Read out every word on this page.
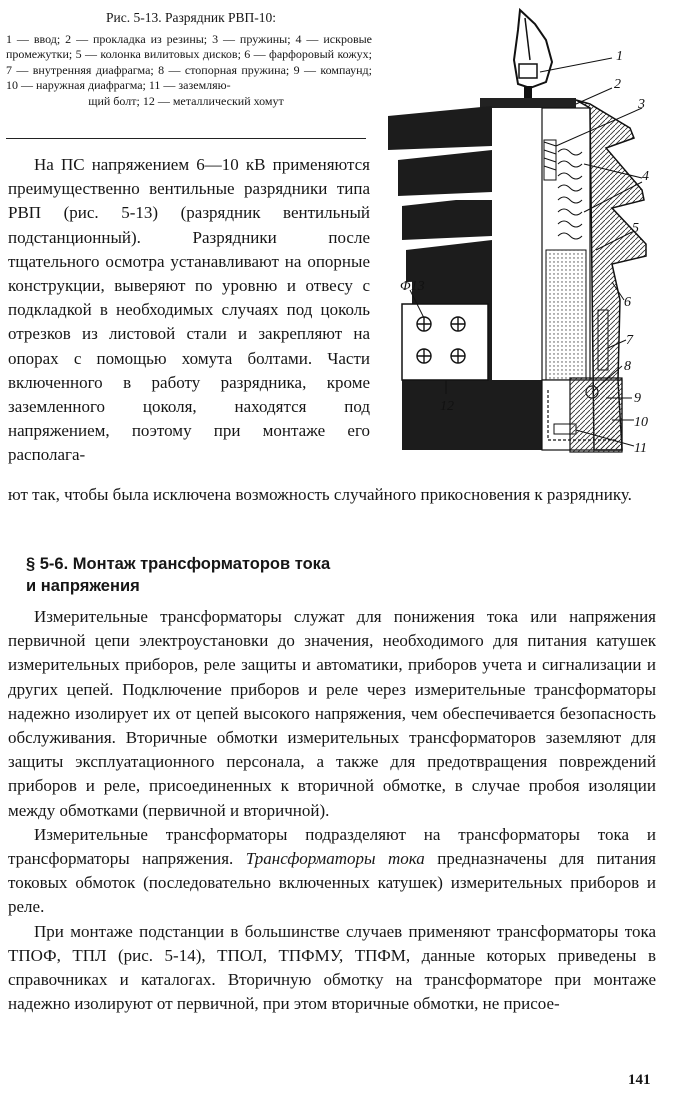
Рис. 5-13. Разрядник РВП-10:
1 — ввод; 2 — прокладка из резины; 3 — пружины; 4 — искровые промежутки; 5 — колонка вилитовых дисков; 6 — фарфоровый кожух; 7 — внутренняя диафрагма; 8 — стопорная пружина; 9 — компаунд; 10 — наружная диафрагма; 11 — заземляю-
щий болт; 12 — металлический хомут
На ПС напряжением 6—10 кВ применяются преимущественно вентильные разрядники типа РВП (рис. 5-13) (разрядник вентильный подстанционный). Разрядники после тщательного осмотра устанавливают на опорные конструкции, выверяют по уровню и отвесу с подкладкой в необходимых случаях под цоколь отрезков из листовой стали и закрепляют на опорах с помощью хомута болтами. Части включенного в работу разрядника, кроме заземленного цоколя, находятся под напряжением, поэтому при монтаже его располага-
ют так, чтобы была исключена возможность случайного прикосновения к разряднику.
§ 5-6. Монтаж трансформаторов тока
и напряжения

Измерительные трансформаторы служат для понижения тока или напряжения первичной цепи электроустановки до значения, необходимого для питания катушек измерительных приборов, реле защиты и автоматики, приборов учета и сигнализации и других цепей. Подключение приборов и реле через измерительные трансформаторы надежно изолирует их от цепей высокого напряжения, чем обеспечивается безопасность обслуживания. Вторичные обмотки измерительных трансформаторов заземляют для защиты эксплуатационного персонала, а также для предотвращения повреждений приборов и реле, присоединенных к вторичной обмотке, в случае пробоя изоляции между обмотками (первичной и вторичной).

Измерительные трансформаторы подразделяют на трансформаторы тока и трансформаторы напряжения. Трансформаторы тока предназначены для питания токовых обмоток (последовательно включенных катушек) измерительных приборов и реле.

При монтаже подстанции в большинстве случаев применяют трансформаторы тока ТПОФ, ТПЛ (рис. 5-14), ТПОЛ, ТПФМУ, ТПФМ, данные которых приведены в справочниках и каталогах. Вторичную обмотку на трансформаторе при монтаже надежно изолируют от первичной, при этом вторичные обмотки, не присое-

1
2
3
4
5
6
7
8
9
10
11
12
Φ13
141
